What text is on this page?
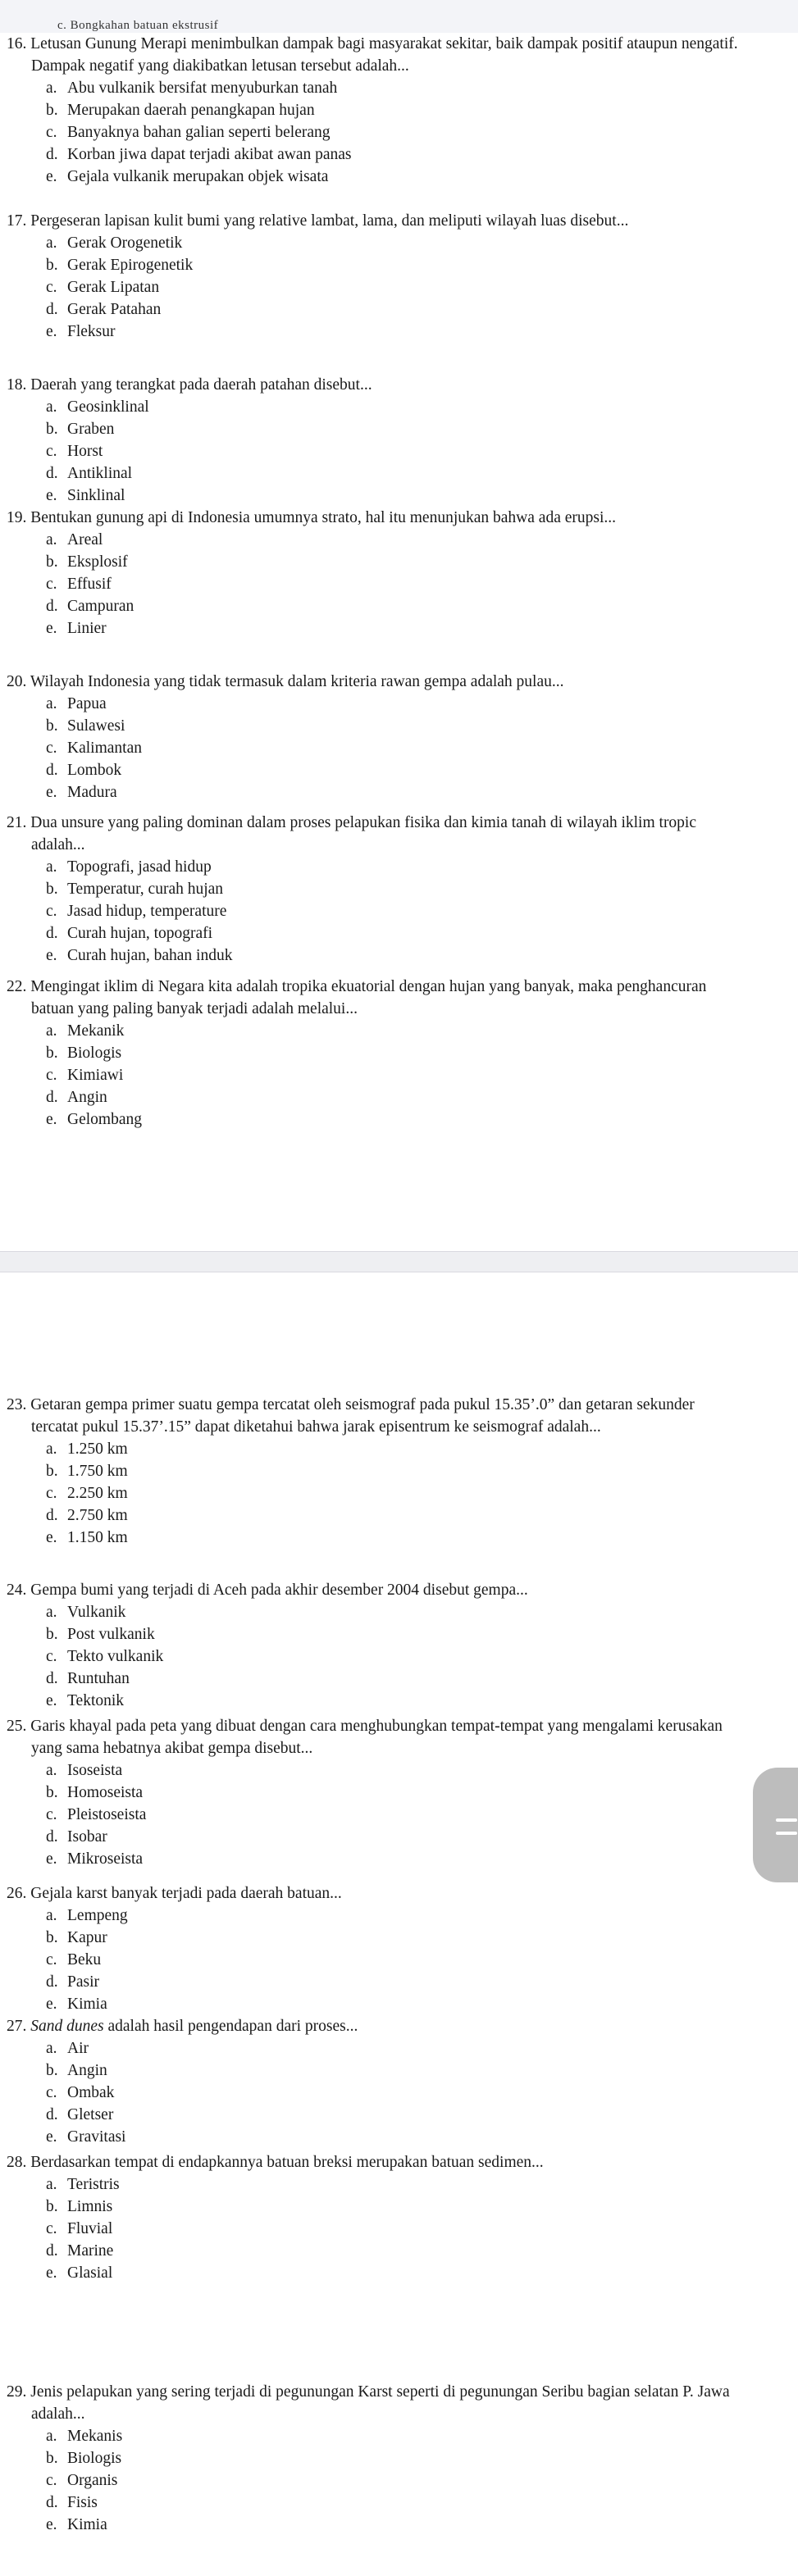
c. Bongkahan batuan ekstrusif
16. Letusan Gunung Merapi menimbulkan dampak bagi masyarakat sekitar, baik dampak positif ataupun nengatif. Dampak negatif yang diakibatkan letusan tersebut adalah...
a. Abu vulkanik bersifat menyuburkan tanah
b. Merupakan daerah penangkapan hujan
c. Banyaknya bahan galian seperti belerang
d. Korban jiwa dapat terjadi akibat awan panas
e. Gejala vulkanik merupakan objek wisata
17. Pergeseran lapisan kulit bumi yang relative lambat, lama, dan meliputi wilayah luas disebut...
a. Gerak Orogenetik
b. Gerak Epirogenetik
c. Gerak Lipatan
d. Gerak Patahan
e. Fleksur
18. Daerah yang terangkat pada daerah patahan disebut...
a. Geosinklinal
b. Graben
c. Horst
d. Antiklinal
e. Sinklinal
19. Bentukan gunung api di Indonesia umumnya strato, hal itu menunjukan bahwa ada erupsi...
a. Areal
b. Eksplosif
c. Effusif
d. Campuran
e. Linier
20. Wilayah Indonesia yang tidak termasuk dalam kriteria rawan gempa adalah pulau...
a. Papua
b. Sulawesi
c. Kalimantan
d. Lombok
e. Madura
21. Dua unsure yang paling dominan dalam proses pelapukan fisika dan kimia tanah di wilayah iklim tropic adalah...
a. Topografi, jasad hidup
b. Temperatur, curah hujan
c. Jasad hidup, temperature
d. Curah hujan, topografi
e. Curah hujan, bahan induk
22. Mengingat iklim di Negara kita adalah tropika ekuatorial dengan hujan yang banyak, maka penghancuran batuan yang paling banyak terjadi adalah melalui...
a. Mekanik
b. Biologis
c. Kimiawi
d. Angin
e. Gelombang
23. Getaran gempa primer suatu gempa tercatat oleh seismograf pada pukul 15.35’.0” dan getaran sekunder tercatat pukul 15.37’.15” dapat diketahui bahwa jarak episentrum ke seismograf adalah...
a. 1.250 km
b. 1.750 km
c. 2.250 km
d. 2.750 km
e. 1.150 km
24. Gempa bumi yang terjadi di Aceh pada akhir desember 2004 disebut gempa...
a. Vulkanik
b. Post vulkanik
c. Tekto vulkanik
d. Runtuhan
e. Tektonik
25. Garis khayal pada peta yang dibuat dengan cara menghubungkan tempat-tempat yang mengalami kerusakan yang sama hebatnya akibat gempa disebut...
a. Isoseista
b. Homoseista
c. Pleistoseista
d. Isobar
e. Mikroseista
26. Gejala karst banyak terjadi pada daerah batuan...
a. Lempeng
b. Kapur
c. Beku
d. Pasir
e. Kimia
27. Sand dunes adalah hasil pengendapan dari proses...
a. Air
b. Angin
c. Ombak
d. Gletser
e. Gravitasi
28. Berdasarkan tempat di endapkannya batuan breksi merupakan batuan sedimen...
a. Teristris
b. Limnis
c. Fluvial
d. Marine
e. Glasial
29. Jenis pelapukan yang sering terjadi di pegunungan Karst seperti di pegunungan Seribu bagian selatan P. Jawa adalah...
a. Mekanis
b. Biologis
c. Organis
d. Fisis
e. Kimia
